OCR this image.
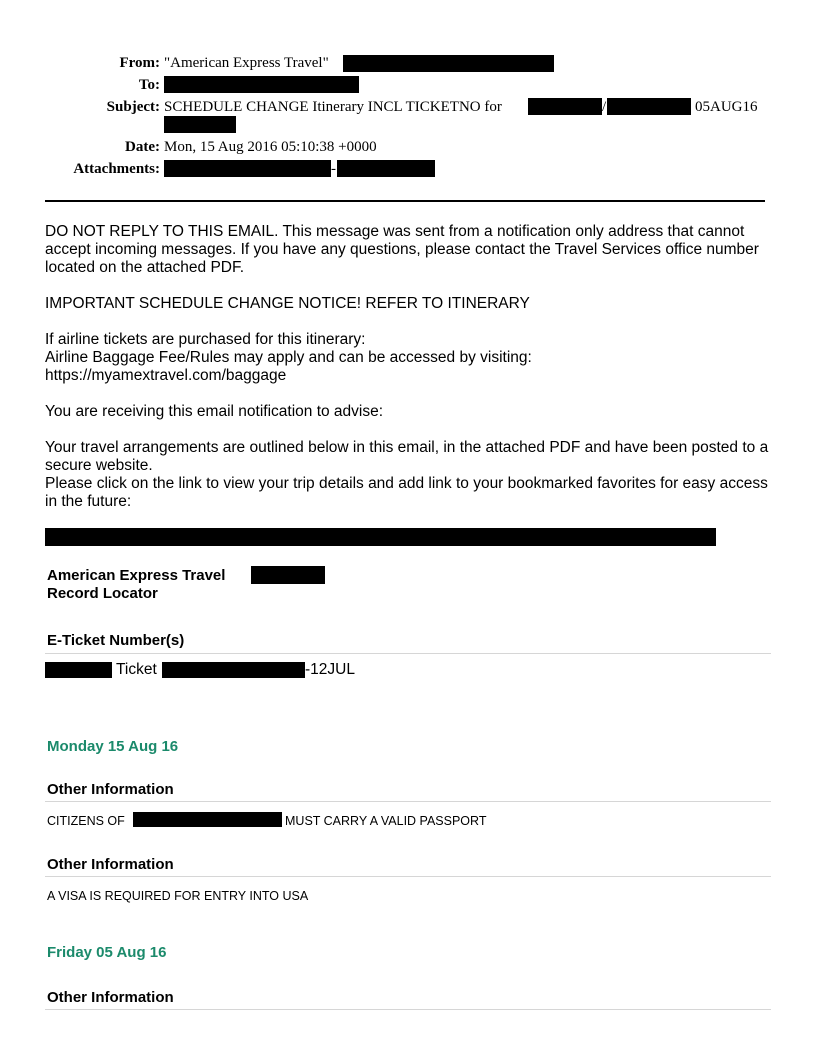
From: "American Express Travel"
To:
Subject: SCHEDULE CHANGE Itinerary INCL TICKETNO for	/	05AUG16
Date: Mon, 15 Aug 2016 05:10:38 +0000
Attachments:	-

DO NOT REPLY TO THIS EMAIL. This message was sent from a notification only address that cannot accept incoming messages. If you have any questions, please contact the Travel Services office number located on the attached PDF.

IMPORTANT SCHEDULE CHANGE NOTICE! REFER TO ITINERARY

If airline tickets are purchased for this itinerary:

Airline Baggage Fee/Rules may apply and can be accessed by visiting:

https://myamextravel.com/baggage

You are receiving this email notification to advise:

Your travel arrangements are outlined below in this email, in the attached PDF and have been posted to a secure website.

Please click on the link to view your trip details and add link to your bookmarked favorites for easy access in the future:

American Express Travel
Record Locator
E-Ticket Number(s)
Ticket	-12JUL
Monday 15 Aug 16
Other Information
CITIZENS OF	MUST CARRY A VALID PASSPORT
Other Information
A VISA IS REQUIRED FOR ENTRY INTO USA
Friday 05 Aug 16
Other Information
